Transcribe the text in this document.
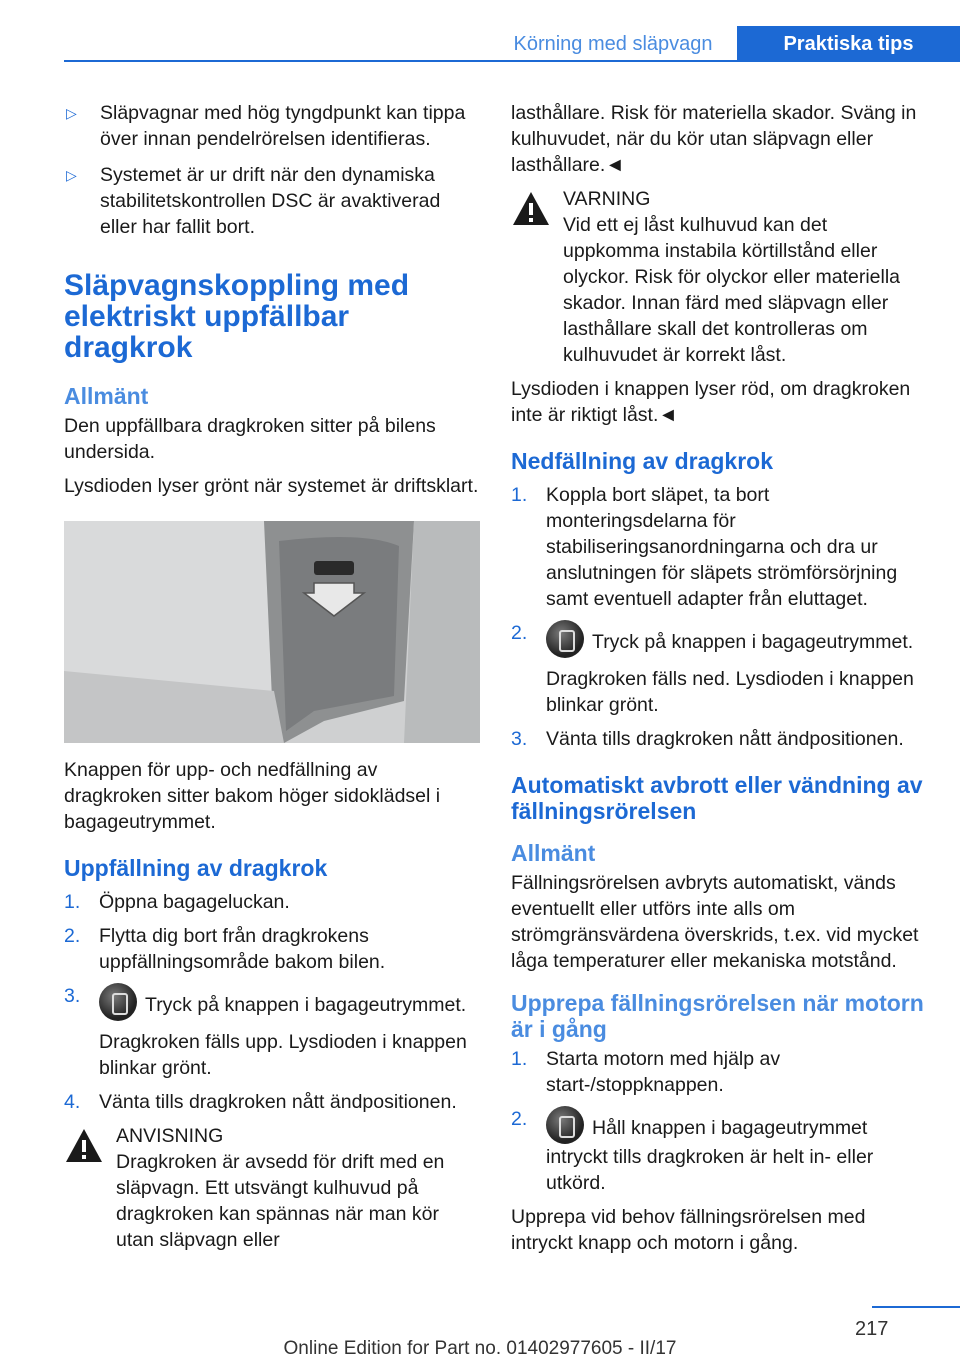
Körning med släpvagn	Praktiska tips
▷ Släpvagnar med hög tyngdpunkt kan tippa över innan pendelrörelsen identifieras.
▷ Systemet är ur drift när den dynamiska stabilitetskontrollen DSC är avaktiverad eller har fallit bort.
Släpvagnskoppling med elektriskt uppfällbar dragkrok
Allmänt

Den uppfällbara dragkroken sitter på bilens undersida.

Lysdioden lyser grönt när systemet är driftsklart.

Knappen för upp- och nedfällning av dragkroken sitter bakom höger sidoklädsel i bagageutrymmet.

Uppfällning av dragkrok
1. Öppna bagageluckan.
2. Flytta dig bort från dragkrokens uppfällningsområde bakom bilen.
3.	Tryck på knappen i bagageutrymmet.
Dragkroken fälls upp. Lysdioden i knappen blinkar grönt.
4. Vänta tills dragkroken nått ändpositionen.
ANVISNING
Dragkroken är avsedd för drift med en släpvagn. Ett utsvängt kulhuvud på dragkroken kan spännas när man kör utan släpvagn eller

lasthållare. Risk för materiella skador. Sväng in kulhuvudet, när du kör utan släpvagn eller lasthållare.◄

VARNING
Vid ett ej låst kulhuvud kan det uppkomma instabila körtillstånd eller olyckor. Risk för olyckor eller materiella skador. Innan färd med släpvagn eller lasthållare skall det kontrolleras om kulhuvudet är korrekt låst.

Lysdioden i knappen lyser röd, om dragkroken inte är riktigt låst.◄

Nedfällning av dragkrok
1. Koppla bort släpet, ta bort monteringsdelarna för stabiliseringsanordningarna och dra ur anslutningen för släpets strömförsörjning samt eventuell adapter från eluttaget.
2.	Tryck på knappen i bagageutrymmet.
Dragkroken fälls ned. Lysdioden i knappen blinkar grönt.
3. Vänta tills dragkroken nått ändpositionen.
Automatiskt avbrott eller vändning av fällningsrörelsen
Allmänt

Fällningsrörelsen avbryts automatiskt, vänds eventuellt eller utförs inte alls om strömgränsvärdena överskrids, t.ex. vid mycket låga temperaturer eller mekaniska motstånd.

Upprepa fällningsrörelsen när motorn är i gång
1. Starta motorn med hjälp av start-/stoppknappen.
2.	Håll knappen i bagageutrymmet intryckt tills dragkroken är helt in- eller utkörd.

Upprepa vid behov fällningsrörelsen med intryckt knapp och motorn i gång.

217
Online Edition for Part no. 01402977605 - II/17
